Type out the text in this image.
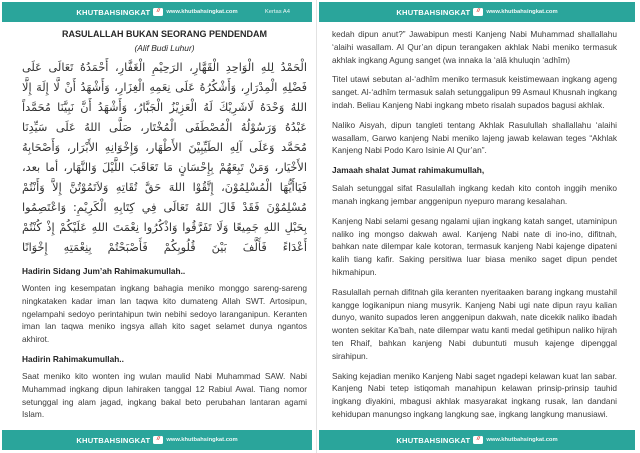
KHUTBAHSINGKAT	//	www.khutbahsingkat.com	Kertas A4
RASULALLAH BUKAN SEORANG PENDENDAM
(Alif Budi Luhur)

الْحَمْدُ لِلهِ الْوَاحِدِ الْقَهَّارِ، الرَحِيْمِ الْغَفَّارِ، أَحْمَدُهُ تَعَالَى عَلَى فَضْلِهِ الْمِدْرَارِ، وَأَشْكُرُهُ عَلَى نِعَمِهِ الْغِزَارِ، وَأَشْهَدُ أَنْ لَّا إِلَهَ إِلَّا اللهُ وَحْدَهُ لَاشَرِيْكَ لَهُ الْعَزِيْزُ الْجَبَّارُ، وَأَشْهَدُ أَنَّ نَبِيَّنَا مُحَمَّداً عَبْدُهُ وَرَسُوْلُهُ الْمُصْطَفَى الْمُخْتَار، صَلَّى اللهُ عَلَى سَيِّدِنَا مُحَمَّد وَعَلَى آلِهِ الطَيِّبِيْنَ الأَطْهَار، وَإِخْوَانِهِ الأَبْرَار، وَأَصْحَابِهُ الأَخْيَار، وَمَنْ تَبِعَهُمْ بِإِحْسَانٍ مَا تَعَاقَبَ اللَّيْلَ وَالنَّهَار، أما بعد، فَيَاأَيُّهَا الْمُسْلِمُوْنَ، إِتَّقُوْا اللهَ حَقَّ تُقَاتِهِ وَلاَتَمُوْتُنَّ إِلاَّ وَأَنْتُمْ مُسْلِمُوْنَ فَقَدْ قَالَ اللهُ تَعَالَى فِي كِتَابِهِ الْكَرِيْمِ: وَاعْتَصِمُوا بِحَبْلِ اللهِ جَمِيعًا وَلَا تَفَرَّقُوا وَاذْكُرُوا نِعْمَتَ اللهِ عَلَيْكُمْ إِذْ كُنْتُمْ أَعْدَاءً فَأَلَّفَ بَيْنَ قُلُوبِكُمْ فَأَصْبَحْتُمْ بِنِعْمَتِهِ إِخْوَانًا

Hadirin Sidang Jum’ah Rahimakumullah..

Wonten ing kesempatan ingkang bahagia meniko monggo sareng-sareng ningkataken kadar iman lan taqwa kito dumateng Allah SWT. Artosipun, ngelampahi sedoyo perintahipun twin nebihi sedoyo laranganipun. Keranten iman lan taqwa meniko ingsya allah kito saget selamet dunya ngantos akhirot.

Hadirin Rahimakumullah..

Saat meniko kito wonten ing wulan maulid Nabi Muhammad SAW. Nabi Muhammad ingkang dipun lahiraken tanggal 12 Rabiul Awal. Tiang nomor setunggal ing alam jagad, ingkang bakal beto perubahan lantaran agami Islam.

KHUTBAHSINGKAT	//	www.khutbahsingkat.com
KHUTBAHSINGKAT	//	www.khutbahsingkat.com

kedah dipun anut?” Jawabipun mesti Kanjeng Nabi Muhammad shallallahu ‘alaihi wasallam. Al Qur’an dipun terangaken akhlak Nabi meniko termasuk akhlak ingkang Agung sanget (wa innaka la ‘alā khuluqin ‘adhîm)

Titel utawi sebutan al-‘adhîm meniko termasuk keistimewaan ingkang ageng sanget. Al-‘adhîm termasuk salah setunggalipun 99 Asmaul Khusnah ingkang indah. Beliau Kanjeng Nabi ingkang mbeto risalah supados bagusi akhlak.

Naliko Aisyah, dipun tangleti tentang Akhlak Rasulullah shallallahu ‘alaihi wasallam, Garwo kanjeng Nabi meniko lajeng jawab kelawan teges “Akhlak Kanjeng Nabi Podo Karo Isinie Al Qur’an”.

Jamaah shalat Jumat rahimakumullah,

Salah setunggal sifat Rasulallah ingkang kedah kito contoh inggih meniko manah ingkang jembar anggenipun nyepuro marang kesalahan.

Kanjeng Nabi selami gesang ngalami ujian ingkang katah sanget, utaminipun naliko ing mongso dakwah awal. Kanjeng Nabi nate di ino-ino, difitnah, bahkan nate dilempar kale kotoran, termasuk kanjeng Nabi kajenge dipateni kalih tiang kafir. Saking persitiwa luar biasa meniko saget dipun pendet hikmahipun.

Rasulallah pernah difitnah gila keranten nyeritaaken barang ingkang mustahil kangge logikanipun niang musyrik. Kanjeng Nabi ugi nate dipun rayu kalian dunyo, wanito supados leren anggenipun dakwah, nate dicekik naliko ibadah wonten sekitar Ka’bah, nate dilempar watu kanti medal getihipun naliko hijrah ten Rhaif, bahkan kanjeng Nabi dubuntuti musuh kajenge dipenggal sirahipun.

Saking kejadian meniko Kanjeng Nabi saget ngadepi kelawan kuat lan sabar. Kanjeng Nabi tetep istiqomah manahipun kelawan prinsip-prinsip tauhid ingkang diyakini, mbagusi akhlak masyarakat ingkang rusak, lan dandani kehidupan manungso ingkang langkung sae, ingkang langkung manusiawi.

KHUTBAHSINGKAT	//	www.khutbahsingkat.com
